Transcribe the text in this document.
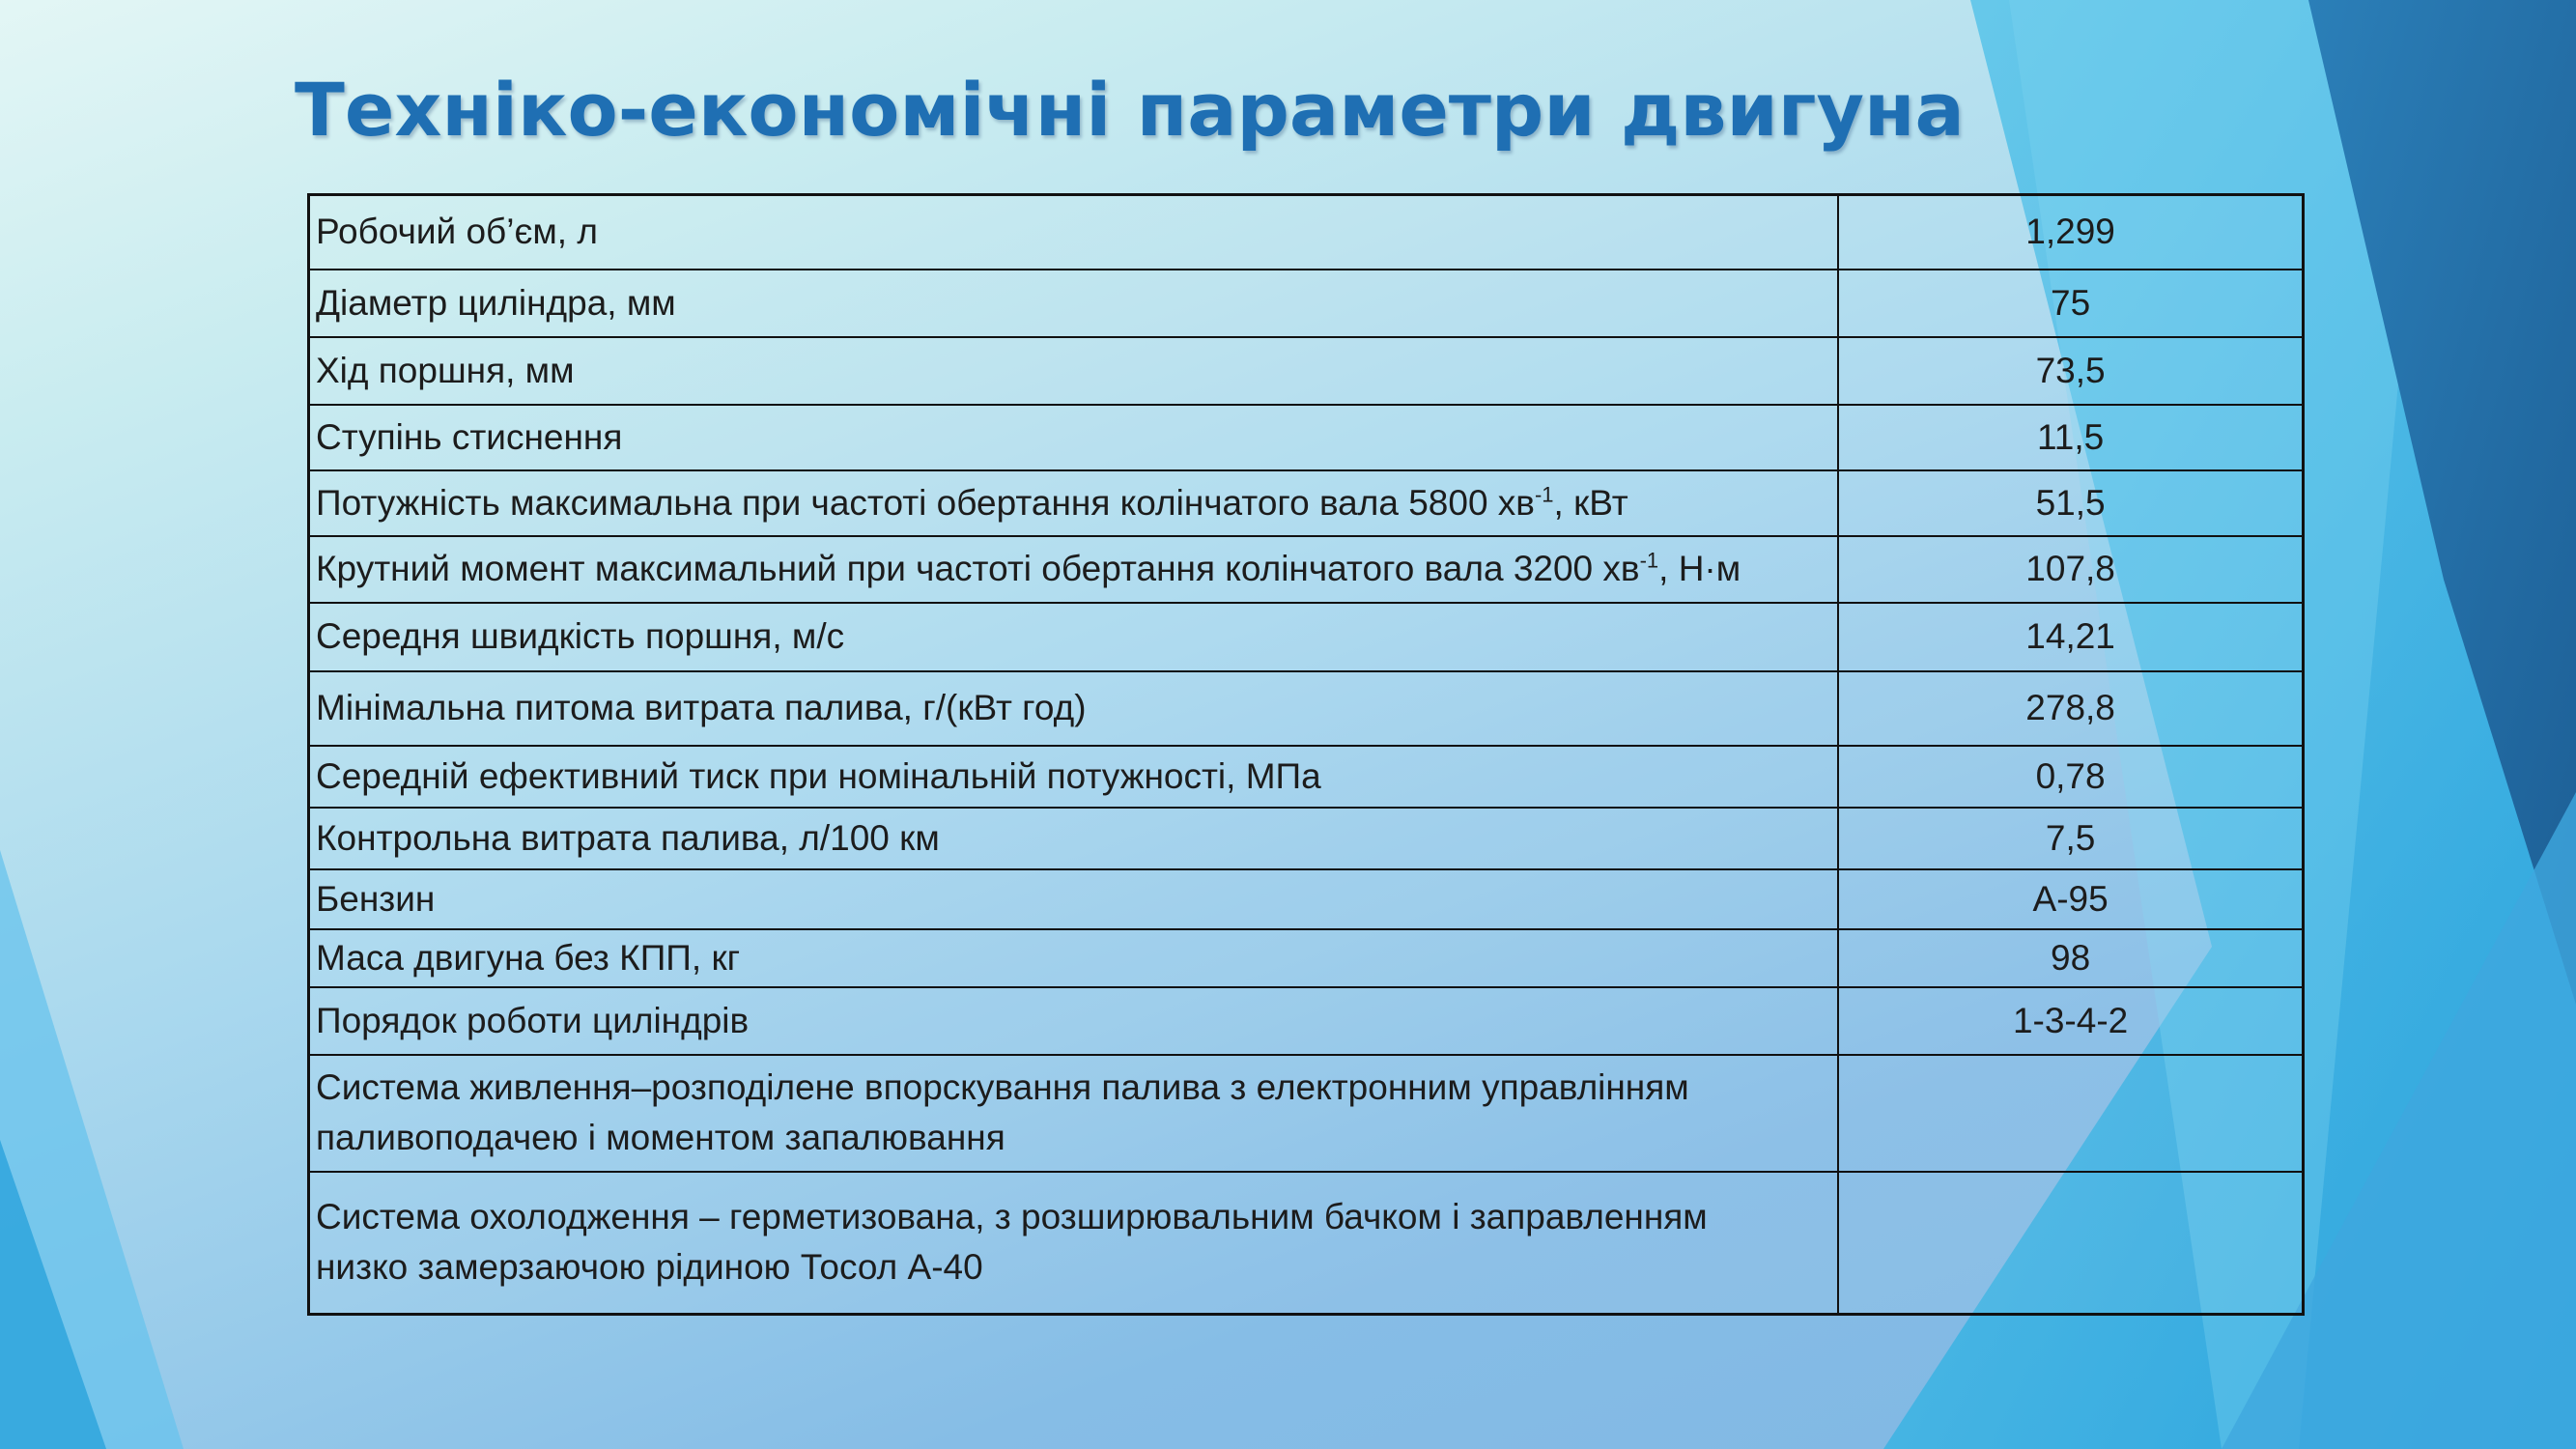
Техніко-економічні параметри двигуна
Робочий об’єм, л	1,299
Діаметр циліндра, мм	75
Хід поршня, мм	73,5
Ступінь стиснення	11,5
Потужність максимальна при частоті обертання колінчатого вала 5800 $хв^{-1}$, кВт	51,5
Крутний момент максимальний при частоті обертання колінчатого вала 3200 $хв^{-1}$, Н·м	107,8
Середня швидкість поршня, м/с	14,21
Мінімальна питома витрата палива, г/(кВт год)	278,8
Середній ефективний тиск при номінальній потужності, МПа	0,78
Контрольна витрата палива, л/100 км	7,5
Бензин	А-95
Маса двигуна без КПП, кг	98
Порядок роботи циліндрів	1-3-4-2
Система живлення–розподілене впорскування палива з електронним управлінням
паливоподачею і моментом запалювання	
Система охолодження – герметизована, з розширювальним бачком і заправленням
низко замерзаючою рідиною Тосол А-40	
